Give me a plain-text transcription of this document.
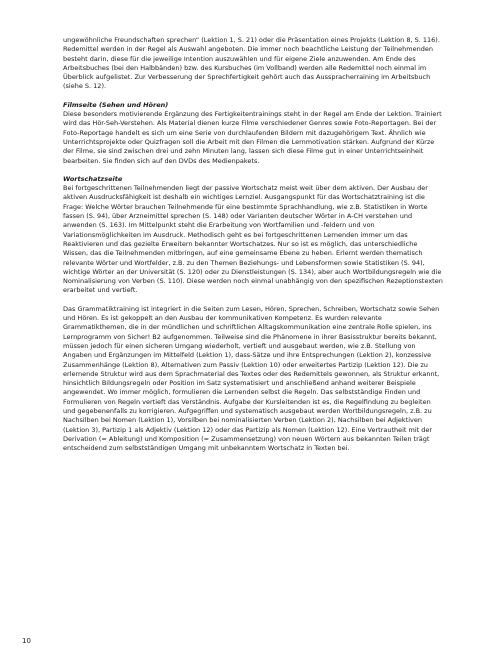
ungewöhnliche Freundschaften sprechen“ (Lektion 1, S. 21) oder die Präsentation eines Projekts (Lektion 8, S. 116). Redemittel werden in der Regel als Auswahl angeboten. Die immer noch beachtliche Leistung der Teilnehmenden besteht darin, diese für die jeweilige Intention auszuwählen und für eigene Ziele anzuwenden. Am Ende des Arbeitsbuches (bei den Halbbänden) bzw. des Kursbuches (im Vollband) werden alle Redemittel noch einmal im Überblick aufgelistet. Zur Verbesserung der Sprechfertigkeit gehört auch das Ausspracherraining im Arbeitsbuch (siehe S. 12).

Filmseite (Sehen und Hören)

Diese besonders motivierende Ergänzung des Fertigkeitentrainings steht in der Regel am Ende der Lektion. Trainiert wird das Hör-Seh-Verstehen. Als Material dienen kurze Filme verschiedener Genres sowie Foto-Reportagen. Bei der Foto-Reportage handelt es sich um eine Serie von durchlaufenden Bildern mit dazugehörigem Text. Ähnlich wie Unterrichtsprojekte oder Quizfragen soll die Arbeit mit den Filmen die Lernmotivation stärken. Aufgrund der Kürze der Filme, sie sind zwischen drei und zehn Minuten lang, lassen sich diese Filme gut in einer Unterrichtseinheit bearbeiten. Sie finden sich auf den DVDs des Medienpakets.

Wortschatzseite

Bei fortgeschrittenen Teilnehmenden liegt der passive Wortschatz meist weit über dem aktiven. Der Ausbau der aktiven Ausdrucksfähigkeit ist deshalb ein wichtiges Lernziel. Ausgangspunkt für das Wortschatztraining ist die Frage: Welche Wörter brauchen Teilnehmende für eine bestimmte Sprachhandlung, wie z.B. Statistiken in Worte fassen (S. 94), über Arzneimittel sprechen (S. 148) oder Varianten deutscher Wörter in A-CH verstehen und anwenden (S. 163). Im Mittelpunkt steht die Erarbeitung von Wortfamilien und -feldern und von Variationsmöglichkeiten im Ausdruck. Methodisch geht es bei fortgeschrittenen Lernenden immer um das Reaktivieren und das gezielte Erweitern bekannter Wortschatzes. Nur so ist es möglich, das unterschiedliche Wissen, das die Teilnehmenden mitbringen, auf eine gemeinsame Ebene zu heben. Erlernt werden thematisch relevante Wörter und Wortfelder, z.B. zu den Themen Beziehungs- und Lebensformen sowie Statistiken (S. 94), wichtige Wörter an der Universität (S. 120) oder zu Dienstleistungen (S. 134), aber auch Wortbildungsregeln wie die Nominalisierung von Verben (S. 110). Diese werden noch einmal unabhängig von den spezifischen Rezeptionstexten erarbeitet und vertieft.

Das Grammatiktraining ist integriert in die Seiten zum Lesen, Hören, Sprechen, Schreiben, Wortschatz sowie Sehen und Hören. Es ist gekoppelt an den Ausbau der kommunikativen Kompetenz. Es wurden relevante Grammatikthemen, die in der mündlichen und schriftlichen Alltagskommunikation eine zentrale Rolle spielen, ins Lernprogramm von Sicher! B2 aufgenommen. Teilweise sind die Phänomene in ihrer Basisstruktur bereits bekannt, müssen jedoch für einen sicheren Umgang wiederholt, vertieft und ausgebaut werden, wie z.B. Stellung von Angaben und Ergänzungen im Mittelfeld (Lektion 1), dass-Sätze und ihre Entsprechungen (Lektion 2), konzessive Zusammenhänge (Lektion 8), Alternativen zum Passiv (Lektion 10) oder erweitertes Partizip (Lektion 12). Die zu erlernende Struktur wird aus dem Sprachmaterial des Textes oder des Redemittels gewonnen, als Struktur erkannt, hinsichtlich Bildungsregeln oder Position im Satz systematisiert und anschließend anhand weiterer Beispiele angewendet. Wo immer möglich, formulieren die Lernenden selbst die Regeln. Das selbstständige Finden und Formulieren von Regeln vertieft das Verständnis. Aufgabe der Kursleitenden ist es, die Regelfindung zu begleiten und gegebenenfalls zu korrigieren. Aufgegriffen und systematisch ausgebaut werden Wortbildungsregeln, z.B. zu Nachsilben bei Nomen (Lektion 1), Vorsilben bei nominalisierten Verben (Lektion 2), Nachsilben bei Adjektiven (Lektion 3), Partizip 1 als Adjektiv (Lektion 12) oder das Partizip als Nomen (Lektion 12). Eine Vertrautheit mit der Derivation (= Ableitung) und Komposition (= Zusammensetzung) von neuen Wörtern aus bekannten Teilen trägt entscheidend zum selbstständigen Umgang mit unbekanntem Wortschatz in Texten bei.

10
